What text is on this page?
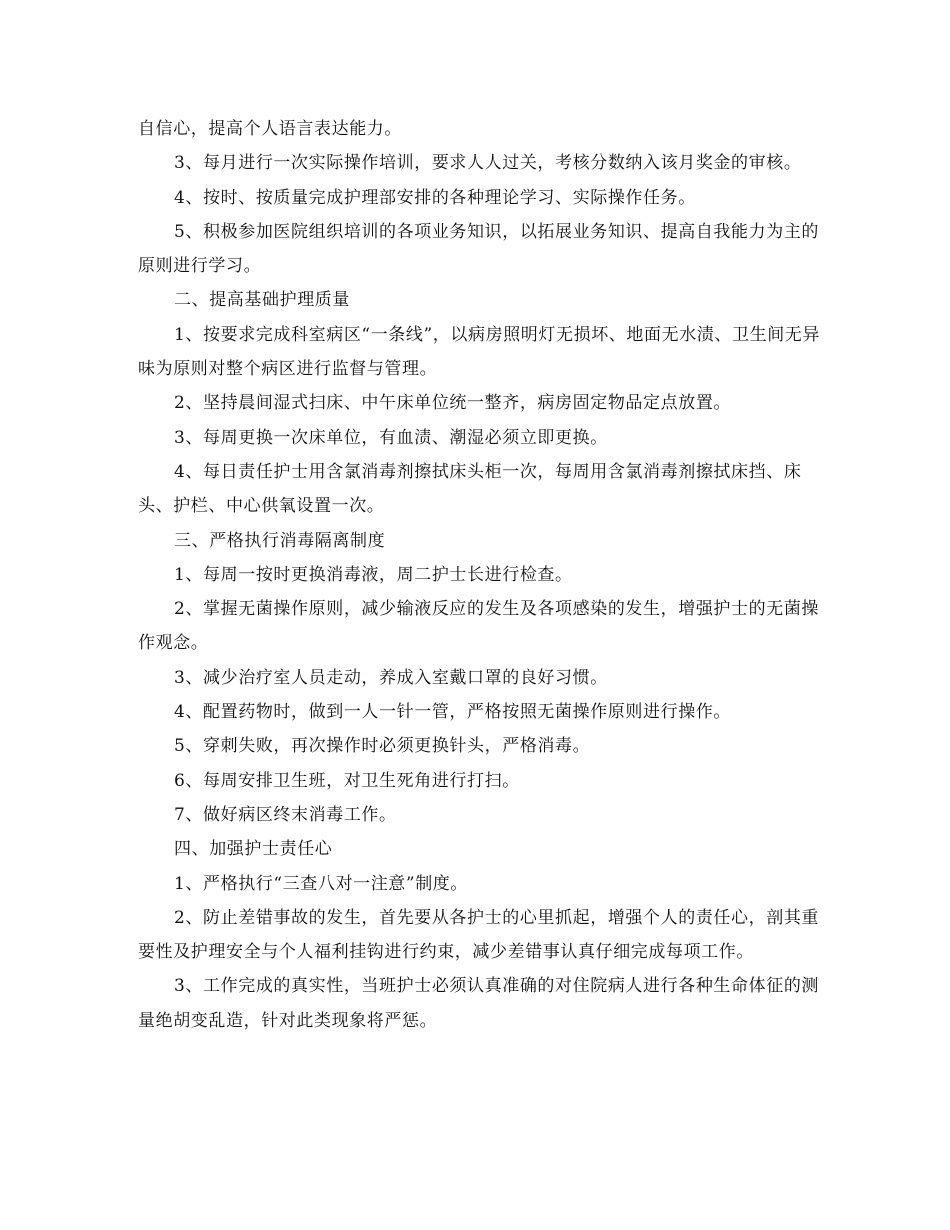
自信心，提高个人语言表达能力。

3、每月进行一次实际操作培训，要求人人过关，考核分数纳入该月奖金的审核。

4、按时、按质量完成护理部安排的各种理论学习、实际操作任务。

5、积极参加医院组织培训的各项业务知识，以拓展业务知识、提高自我能力为主的原则进行学习。

二、提高基础护理质量

1、按要求完成科室病区“一条线”，以病房照明灯无损坏、地面无水渍、卫生间无异味为原则对整个病区进行监督与管理。

2、坚持晨间湿式扫床、中午床单位统一整齐，病房固定物品定点放置。

3、每周更换一次床单位，有血渍、潮湿必须立即更换。

4、每日责任护士用含氯消毒剂擦拭床头柜一次，每周用含氯消毒剂擦拭床挡、床头、护栏、中心供氧设置一次。

三、严格执行消毒隔离制度

1、每周一按时更换消毒液，周二护士长进行检查。

2、掌握无菌操作原则，减少输液反应的发生及各项感染的发生，增强护士的无菌操作观念。

3、减少治疗室人员走动，养成入室戴口罩的良好习惯。

4、配置药物时，做到一人一针一管，严格按照无菌操作原则进行操作。

5、穿刺失败，再次操作时必须更换针头，严格消毒。

6、每周安排卫生班，对卫生死角进行打扫。

7、做好病区终末消毒工作。

四、加强护士责任心

1、严格执行“三查八对一注意”制度。

2、防止差错事故的发生，首先要从各护士的心里抓起，增强个人的责任心，剖其重要性及护理安全与个人福利挂钩进行约束，减少差错事认真仔细完成每项工作。

3、工作完成的真实性，当班护士必须认真准确的对住院病人进行各种生命体征的测量绝胡变乱造，针对此类现象将严惩。
